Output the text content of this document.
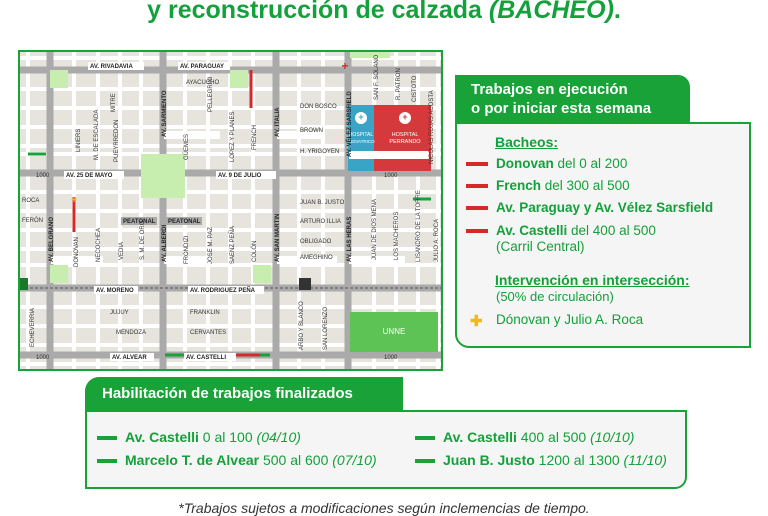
y reconstrucción de calzada (BACHEO).
+	+
HOSPITAL
PEDIATRICO
HOSPITAL
PERRANDO
UNNE
+
+
AV. RIVADAVIA	AV. PARAGUAY
AV. 25 DE MAYO	AV. 9 DE JULIO
PEATONAL PEATONAL
AV. MORENO	AV. RODRIGUEZ PEÑA
AV. ALVEAR	AV. CASTELLI
AV. BELGRANO
AV. SARMIENTO
AV. ALBERDI	AV. SAN MARTIN
AV. ITALIA	AV. VÉLEZ SARSFIELD
AV. LAS HERAS
AYACUCHO
PELLEGRINI
MITRE
LINIERS M. DE ESCALADA PUEYRREDON	GÜEMES	LOPEZ Y PLANES	FRENCH
DON BOSCO
BROWN
H. YRIGOYEN
JUAN B. JUSTO
ARTURO ILLIA
OBLIGADO
AMEGHINO
SAN F. SOLANO	R. PATRON CISTOTO
NICOLAS ROJAS ACOSTA
DONOVAN	NECOCHEA	VEDIA	S. M. DE ORO	FRONDIZI	JOSE M. PAZ	SAENZ PEÑA	COLÓN	JUAN DE DIOS MENA	LOS MACHEROS	LISANDRO DE LA TORRE JULIO A. ROCA
ECHEVERRIA
ROCA
FERÓN
JUJUY
MENDOZA
FRANKLIN
CERVANTES	ARBO Y BLANCO	SAN LORENZO
1000	1000
1000	1000
Trabajos en ejecución
o por iniciar esta semana
Bacheos:
Donovan del 0 al 200
French del 300 al 500
Av. Paraguay y Av. Vélez Sarsfield
Av. Castelli del 400 al 500
(Carril Central)
Intervención en intersección:
(50% de circulación)
✚ Dónovan y Julio A. Roca
Habilitación de trabajos finalizados
Av. Castelli 0 al 100 (04/10)	Av. Castelli 400 al 500 (10/10)
Marcelo T. de Alvear 500 al 600 (07/10)	Juan B. Justo 1200 al 1300 (11/10)
*Trabajos sujetos a modificaciones según inclemencias de tiempo.
